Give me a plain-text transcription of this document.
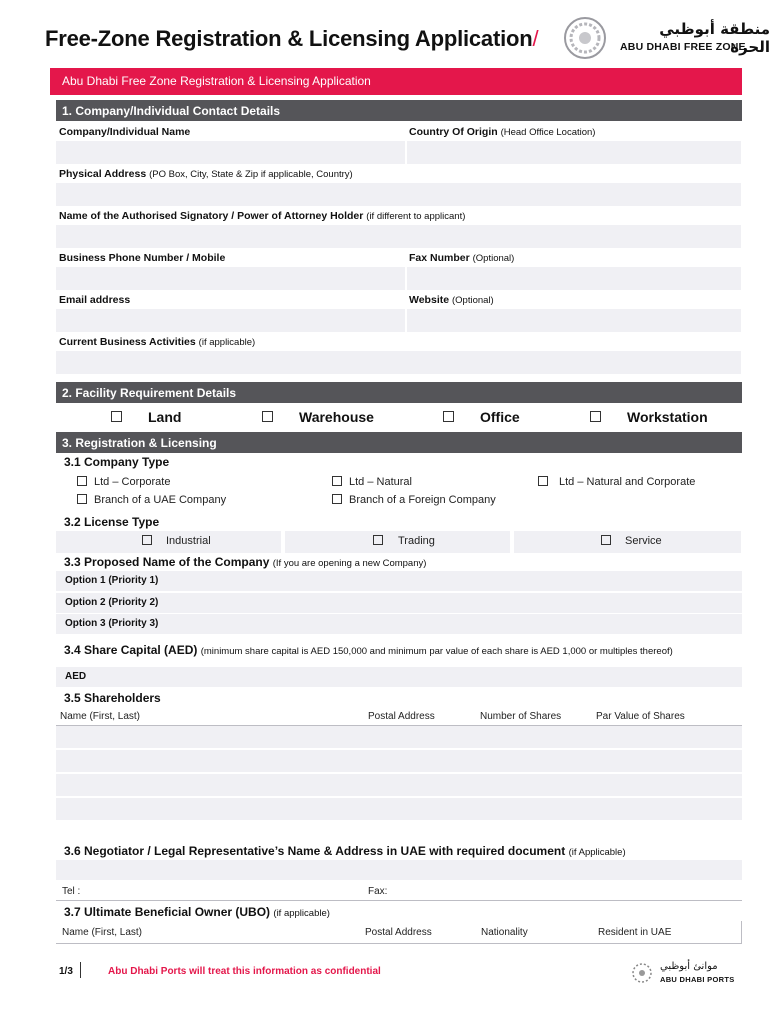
Free-Zone Registration & Licensing Application/	منطقة أبوظبي الحرة
ABU DHABI FREE ZONE
Abu Dhabi Free Zone Registration & Licensing Application
1. Company/Individual Contact Details
Company/Individual Name	Country Of Origin (Head Office Location)
Physical Address (PO Box, City, State & Zip if applicable, Country)
Name of the Authorised Signatory / Power of Attorney Holder (if different to applicant)
Business Phone Number / Mobile	Fax Number (Optional)
Email address	Website (Optional)
Current Business Activities (if applicable)
2. Facility Requirement Details
Land	Warehouse	Office	Workstation
3. Registration & Licensing
3.1 Company Type
Ltd – Corporate	Ltd – Natural	Ltd – Natural and Corporate
Branch of a UAE Company	Branch of a Foreign Company
3.2 License Type
Industrial	Trading	Service
3.3 Proposed Name of the Company (If you are opening a new Company)
Option 1 (Priority 1)
Option 2 (Priority 2)
Option 3 (Priority 3)
3.4 Share Capital (AED) (minimum share capital is AED 150,000 and minimum par value of each share is AED 1,000 or multiples thereof)
AED
3.5 Shareholders
Name (First, Last)	Postal Address	Number of Shares	Par Value of Shares
3.6 Negotiator / Legal Representative’s Name & Address in UAE with required document (if Applicable)
Tel :	Fax:
3.7 Ultimate Beneficial Owner (UBO) (if applicable)
Name (First, Last)	Postal Address	Nationality	Resident in UAE
1/3	Abu Dhabi Ports will treat this information as confidential	موانئ أبوظبي
ABU DHABI PORTS
